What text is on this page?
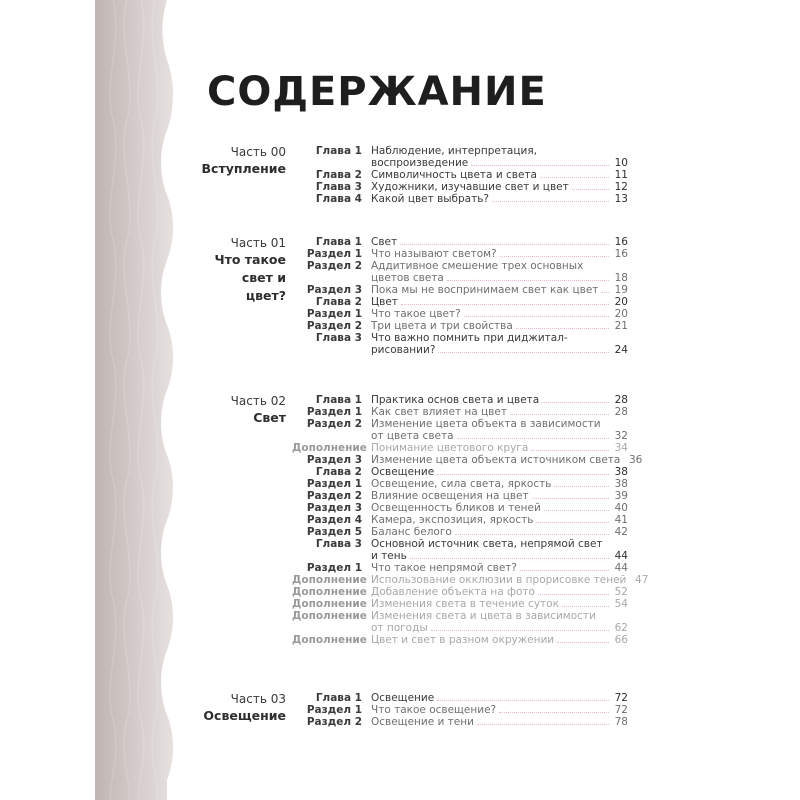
СОДЕРЖАНИЕ
Часть 00
Вступление
Глава 1 Наблюдение, интерпретация,
воспроизведение	10
Глава 2 Символичность цвета и света	11
Глава 3 Художники, изучавшие свет и цвет	12
Глава 4 Какой цвет выбрать?	13
Часть 01
Что такое
свет и цвет?
Глава 1 Свет	16
Раздел 1 Что называют светом?	16
Раздел 2 Аддитивное смешение трех основных
цветов света	18
Раздел 3 Пока мы не воспринимаем свет как цвет 19
Глава 2 Цвет	20
Раздел 1 Что такое цвет?	20
Раздел 2 Три цвета и три свойства	21
Глава 3 Что важно помнить при диджитал-
рисовании?	24
Часть 02
Свет
Глава 1 Практика основ света и цвета	28
Раздел 1 Как свет влияет на цвет	28
Раздел 2 Изменение цвета объекта в зависимости
от цвета света	32
Дополнение Понимание цветового круга	34
Раздел 3 Изменение цвета объекта источником света 36
Глава 2 Освещение	38
Раздел 1 Освещение, сила света, яркость	38
Раздел 2 Влияние освещения на цвет	39
Раздел 3 Освещенность бликов и теней	40
Раздел 4 Камера, экспозиция, яркость	41
Раздел 5 Баланс белого	42
Глава 3 Основной источник света, непрямой свет
и тень	44
Раздел 1 Что такое непрямой свет?	44
Дополнение Использование окклюзии в прорисовке теней 47
Дополнение Добавление объекта на фото	52
Дополнение Изменения света в течение суток	54
Дополнение Изменения света и цвета в зависимости
от погоды	62
Дополнение Цвет и свет в разном окружении	66
Часть 03
Освещение
Глава 1 Освещение	72
Раздел 1 Что такое освещение?	72
Раздел 2 Освещение и тени	78
